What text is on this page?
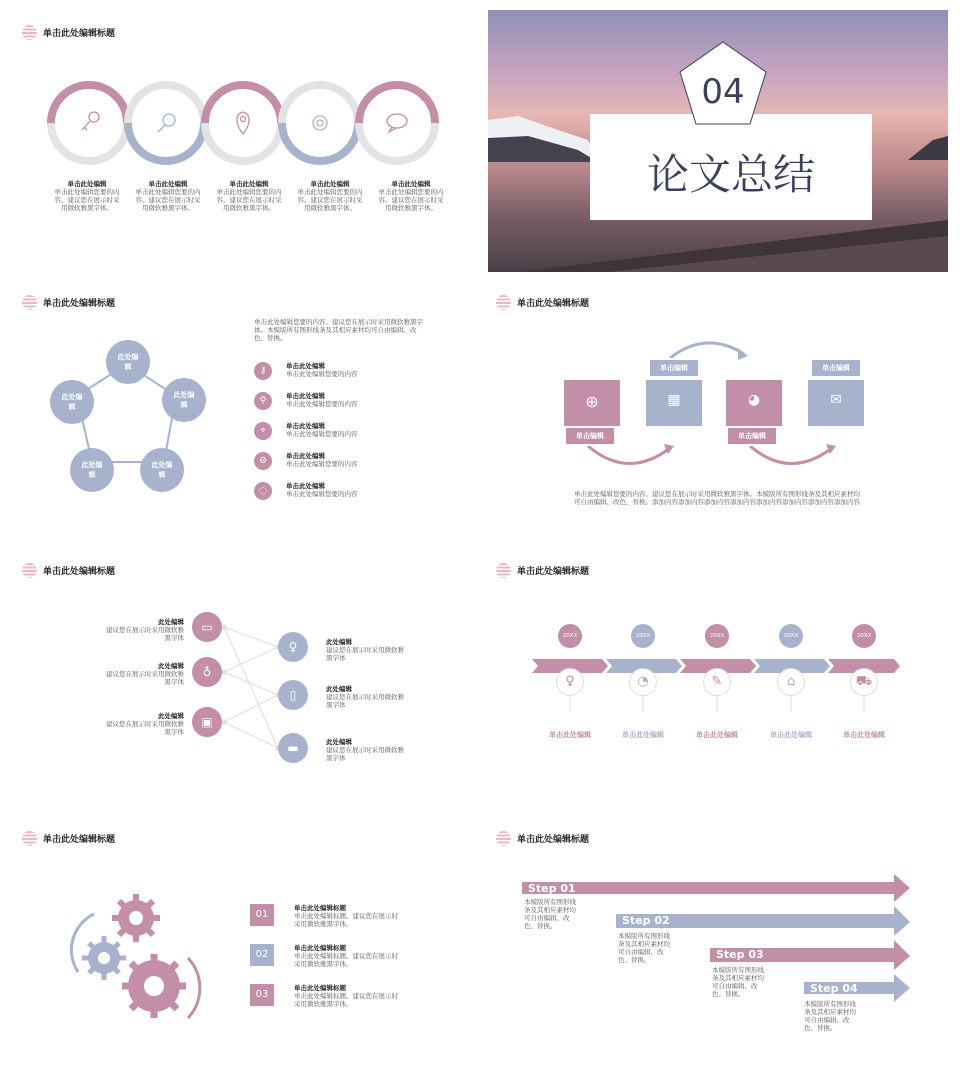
单击此处编辑标题
单击此处编辑
单击此处编辑您要的内容。建议您在展示时采用微软雅黑字体。
单击此处编辑
单击此处编辑您要的内容。建议您在展示时采用微软雅黑字体。
单击此处编辑
单击此处编辑您要的内容。建议您在展示时采用微软雅黑字体。
单击此处编辑
单击此处编辑您要的内容。建议您在展示时采用微软雅黑字体。
单击此处编辑
单击此处编辑您要的内容。建议您在展示时采用微软雅黑字体。
论文总结
04
单击此处编辑标题
此处编辑
此处编辑
此处编辑
此处编辑
此处编辑
单击此处编辑您要的内容。建议您在展示时采用微软雅黑字体。本模版所有图形线条及其相应素材均可自由编辑、改色、替换。
⚷	单击此处编辑
单击此处编辑您要的内容
⚲	单击此处编辑
单击此处编辑您要的内容
⌖	单击此处编辑
单击此处编辑您要的内容
⚙	单击此处编辑
单击此处编辑您要的内容
◌	单击此处编辑
单击此处编辑您要的内容
单击此处编辑标题
⊕
单击编辑
▦
单击编辑
◕
单击编辑
✉
单击编辑
单击此处编辑您要的内容。建议您在展示时采用微软雅黑字体。本模版所有图形线条及其相应素材均可自由编辑、改色、替换。添加内容添加内容添加内容添加内容添加内容添加内容添加内容添加内容
单击此处编辑标题
▭
♁
▣
♀
▯
▬
此处编辑
建议您在展示时采用微软雅黑字体
此处编辑
建议您在展示时采用微软雅黑字体
此处编辑
建议您在展示时采用微软雅黑字体
此处编辑
建议您在展示时采用微软雅黑字体
此处编辑
建议您在展示时采用微软雅黑字体
此处编辑
建议您在展示时采用微软雅黑字体
单击此处编辑标题
20XX	20XX	20XX	20XX	20XX
♀	◔	✎	⌂	⛟
单击此处编辑	单击此处编辑	单击此处编辑	单击此处编辑	单击此处编辑
单击此处编辑标题
01
单击此处编辑标题
单击此处编辑标题。建议您在展示时采用微软雅黑字体。
02
单击此处编辑标题
单击此处编辑标题。建议您在展示时采用微软雅黑字体。
03
单击此处编辑标题
单击此处编辑标题。建议您在展示时采用微软雅黑字体。
单击此处编辑标题
Step 01
Step 02
Step 03
Step 04
本模版所有图形线条及其相应素材均可自由编辑、改色、替换。
本模版所有图形线条及其相应素材均可自由编辑、改色、替换。
本模版所有图形线条及其相应素材均可自由编辑、改色、替换。
本模版所有图形线条及其相应素材均可自由编辑、改色、替换。
